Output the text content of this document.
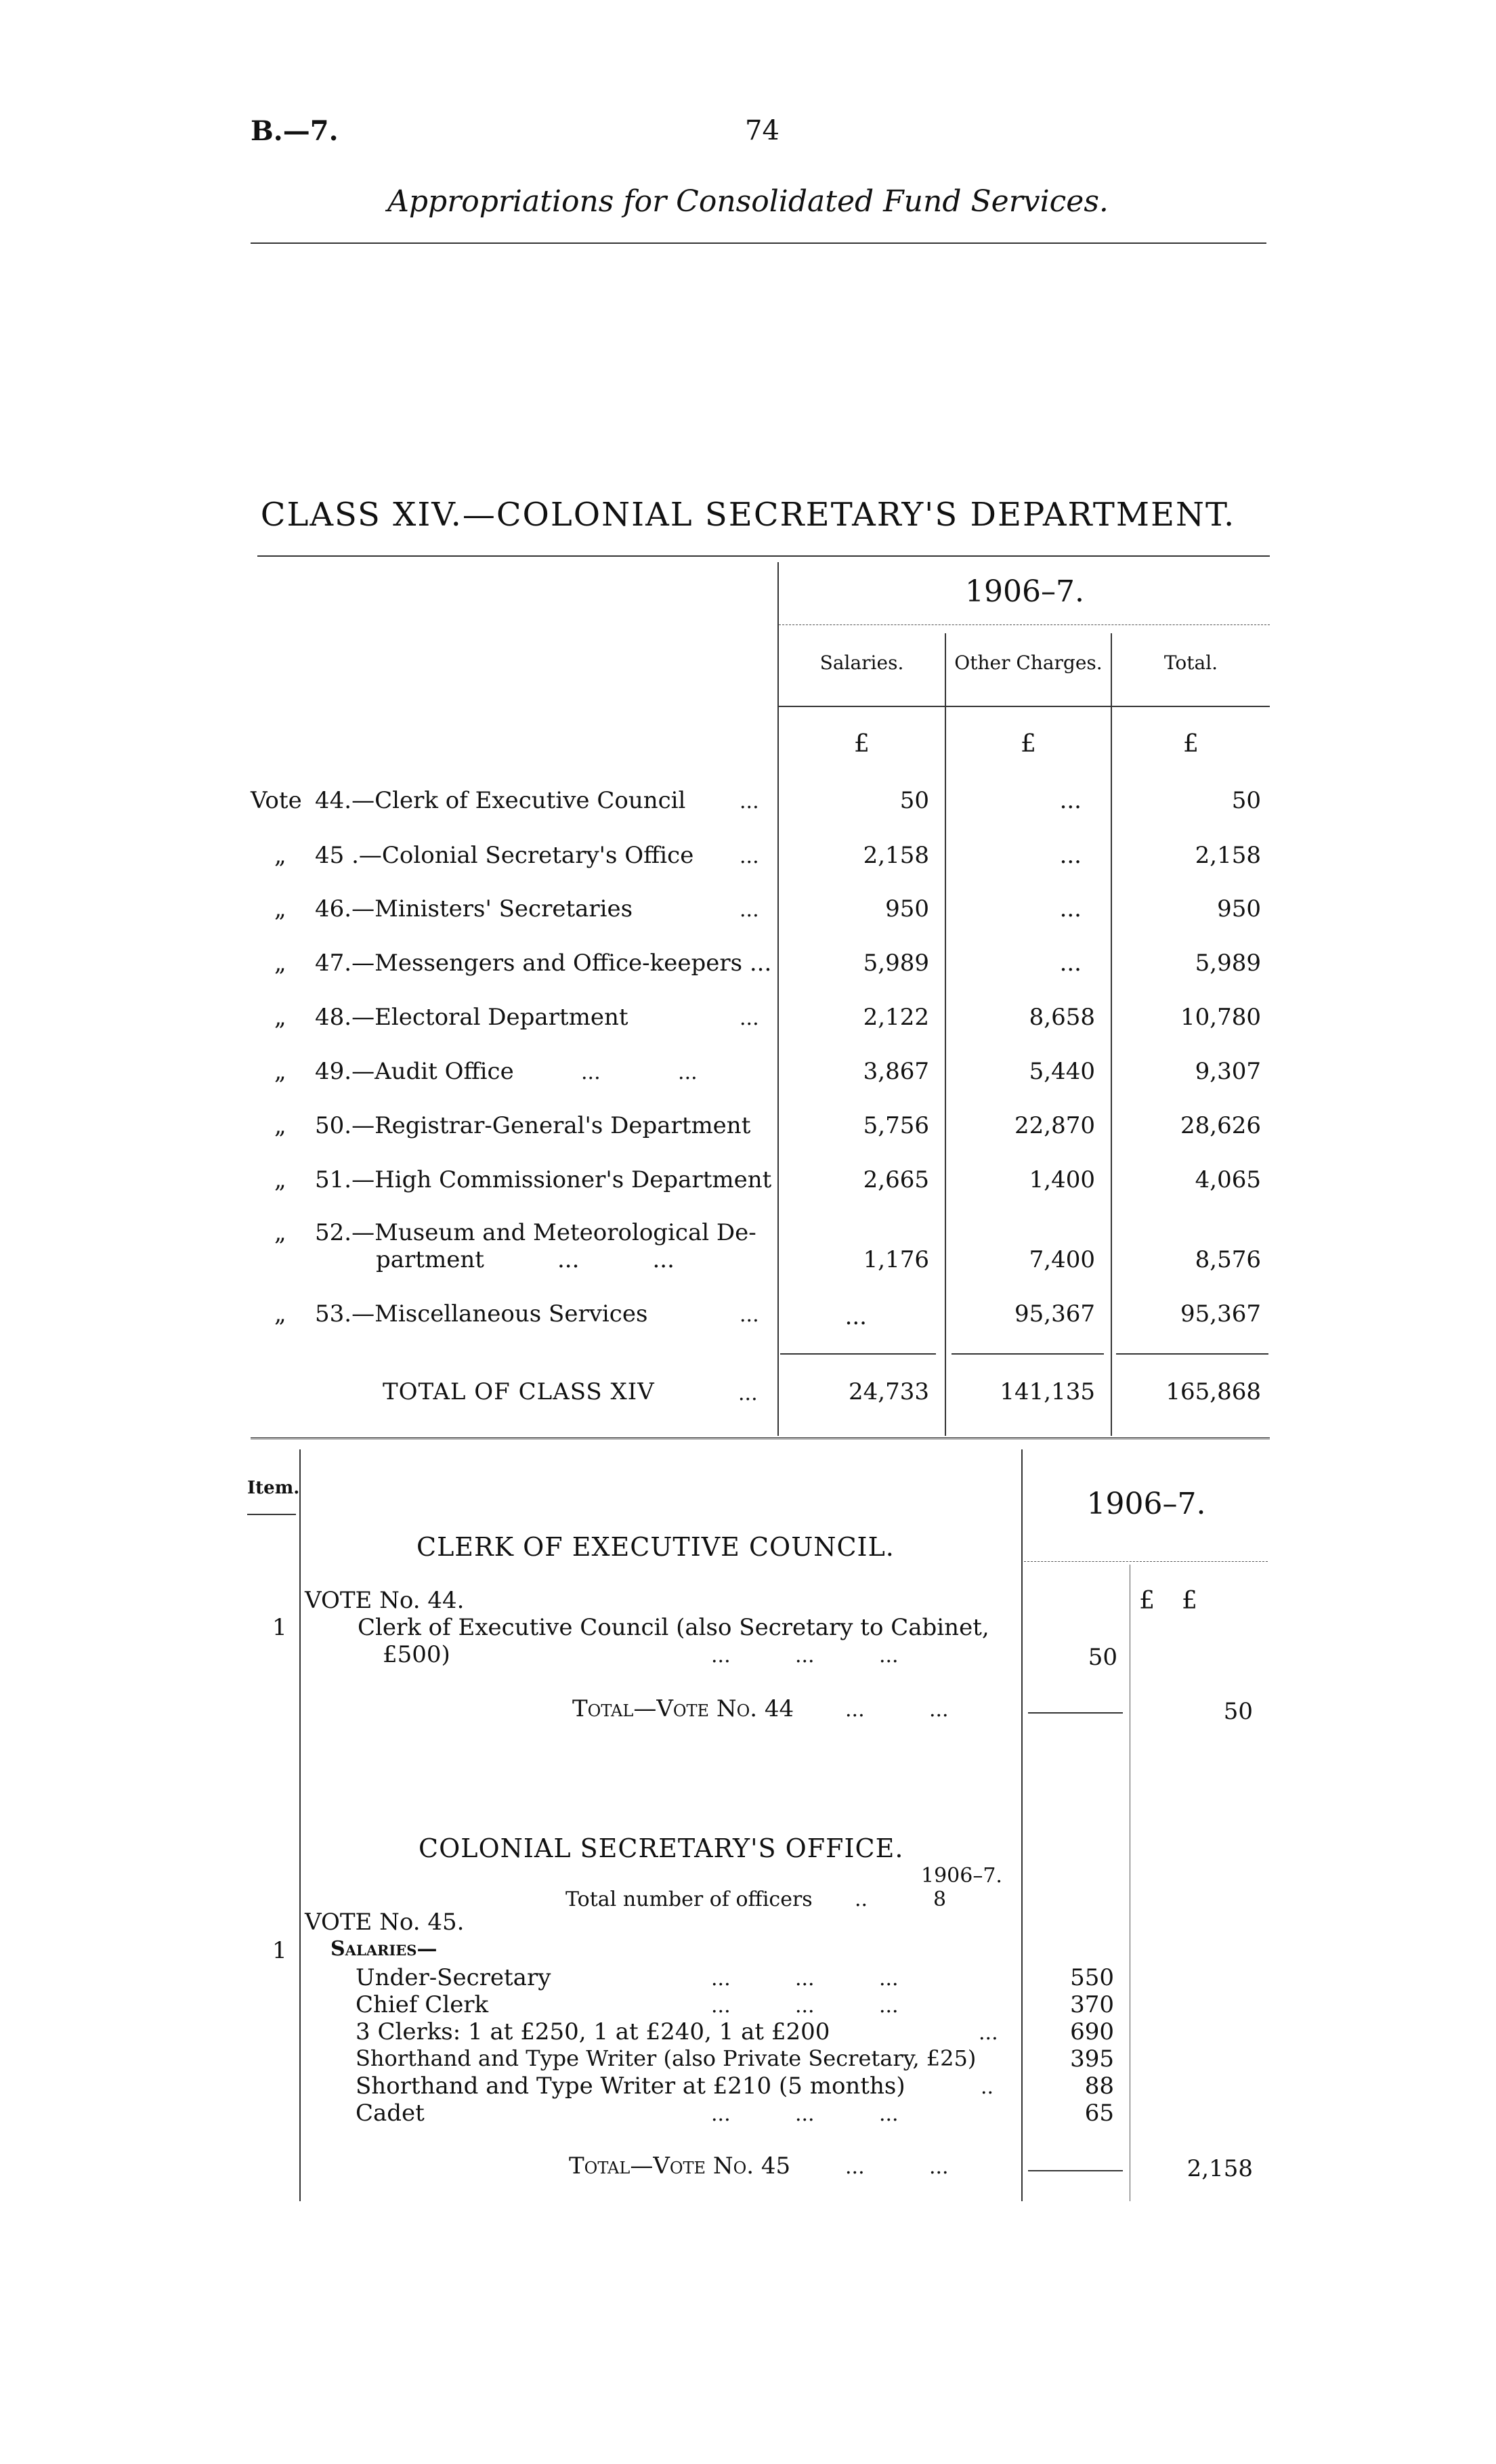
B.—7.	74
Appropriations for Consolidated Fund Services.
CLASS XIV.—COLONIAL SECRETARY'S DEPARTMENT.
1906–7.
Salaries.	Other Charges.	Total.
£	£	£
Vote 44.—Clerk of Executive Council	...	50	...	50
„ 45 .—Colonial Secretary's Office ...	2,158	...	2,158
„ 46.—Ministers' Secretaries	...	950	...	950
„ 47.—Messengers and Office-keepers ...	5,989	...	5,989
„ 48.—Electoral Department	...	2,122	8,658	10,780
„ 49.—Audit Office	...            ...	3,867	5,440	9,307
„ 50.—Registrar-General's Department	5,756	22,870	28,626
„ 51.—High Commissioner's Department	2,665	1,400	4,065
„ 52.—Museum and Meteorological De-
partment          ...          ...	1,176	7,400	8,576
„ 53.—Miscellaneous Services	...	...	95,367	95,367
TOTAL OF CLASS XIV	...	24,733	141,135	165,868
Item.	1906–7.
CLERK OF EXECUTIVE COUNCIL.
VOTE No. 44.	£ £
1	Clerk of Executive Council (also Secretary to Cabinet,
£500)	...          ...          ...	50
Total—Vote No. 44	...          ...	50
COLONIAL SECRETARY'S OFFICE.
1906–7.
Total number of officers ..	8
VOTE No. 45.
1 Salaries—
Under-Secretary	...          ...          ...	550
Chief Clerk	...          ...          ...	370
3 Clerks: 1 at £250, 1 at £240, 1 at £200	...	690
Shorthand and Type Writer (also Private Secretary, £25)	395
Shorthand and Type Writer at £210 (5 months)	..	88
Cadet	...          ...          ...	65
Total—Vote No. 45	...          ...	2,158
